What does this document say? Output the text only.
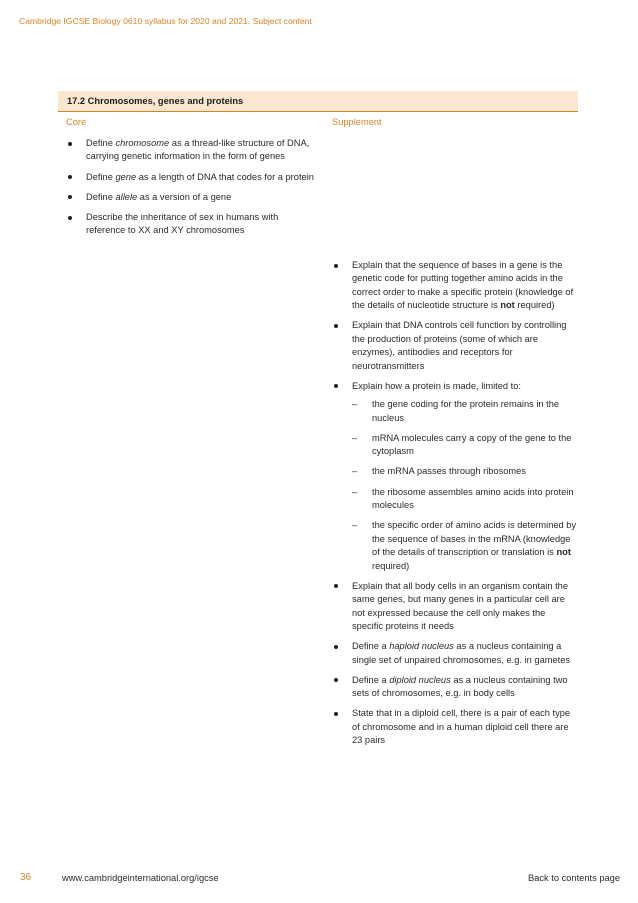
Cambridge IGCSE Biology 0610 syllabus for 2020 and 2021. Subject content
17.2 Chromosomes, genes and proteins
Core	Supplement
Define chromosome as a thread-like structure of DNA, carrying genetic information in the form of genes
Define gene as a length of DNA that codes for a protein
Define allele as a version of a gene
Describe the inheritance of sex in humans with reference to XX and XY chromosomes
Explain that the sequence of bases in a gene is the genetic code for putting together amino acids in the correct order to make a specific protein (knowledge of the details of nucleotide structure is not required)
Explain that DNA controls cell function by controlling the production of proteins (some of which are enzymes), antibodies and receptors for neurotransmitters
Explain how a protein is made, limited to:
– the gene coding for the protein remains in the nucleus
– mRNA molecules carry a copy of the gene to the cytoplasm
– the mRNA passes through ribosomes
– the ribosome assembles amino acids into protein molecules
– the specific order of amino acids is determined by the sequence of bases in the mRNA (knowledge of the details of transcription or translation is not required)
Explain that all body cells in an organism contain the same genes, but many genes in a particular cell are not expressed because the cell only makes the specific proteins it needs
Define a haploid nucleus as a nucleus containing a single set of unpaired chromosomes, e.g. in gametes
Define a diploid nucleus as a nucleus containing two sets of chromosomes, e.g. in body cells
State that in a diploid cell, there is a pair of each type of chromosome and in a human diploid cell there are 23 pairs
36	www.cambridgeinternational.org/igcse	Back to contents page
